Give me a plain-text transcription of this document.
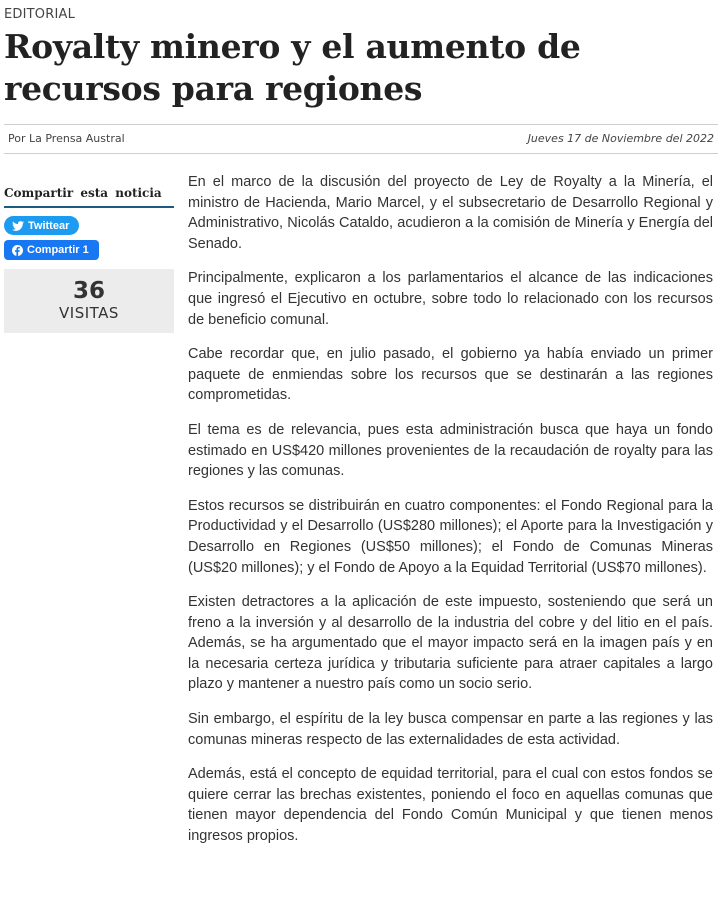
EDITORIAL
Royalty minero y el aumento de recursos para regiones
Por La Prensa Austral	Jueves 17 de Noviembre del 2022
Compartir esta noticia
Twittear
Compartir 1
36
VISITAS

En el marco de la discusión del proyecto de Ley de Royalty a la Minería, el ministro de Hacienda, Mario Marcel, y el subsecretario de Desarrollo Regional y Administrativo, Nicolás Cataldo, acudieron a la comisión de Minería y Energía del Senado.

Principalmente, explicaron a los parlamentarios el alcance de las indicaciones que ingresó el Ejecutivo en octubre, sobre todo lo relacionado con los recursos de beneficio comunal.

Cabe recordar que, en julio pasado, el gobierno ya había enviado un primer paquete de enmiendas sobre los recursos que se destinarán a las regiones comprometidas.

El tema es de relevancia, pues esta administración busca que haya un fondo estimado en US$420 millones provenientes de la recaudación de royalty para las regiones y las comunas.

Estos recursos se distribuirán en cuatro componentes: el Fondo Regional para la Productividad y el Desarrollo (US$280 millones); el Aporte para la Investigación y Desarrollo en Regiones (US$50 millones); el Fondo de Comunas Mineras (US$20 millones); y el Fondo de Apoyo a la Equidad Territorial (US$70 millones).

Existen detractores a la aplicación de este impuesto, sosteniendo que será un freno a la inversión y al desarrollo de la industria del cobre y del litio en el país. Además, se ha argumentado que el mayor impacto será en la imagen país y en la necesaria certeza jurídica y tributaria suficiente para atraer capitales a largo plazo y mantener a nuestro país como un socio serio.

Sin embargo, el espíritu de la ley busca compensar en parte a las regiones y las comunas mineras respecto de las externalidades de esta actividad.

Además, está el concepto de equidad territorial, para el cual con estos fondos se quiere cerrar las brechas existentes, poniendo el foco en aquellas comunas que tienen mayor dependencia del Fondo Común Municipal y que tienen menos ingresos propios.
